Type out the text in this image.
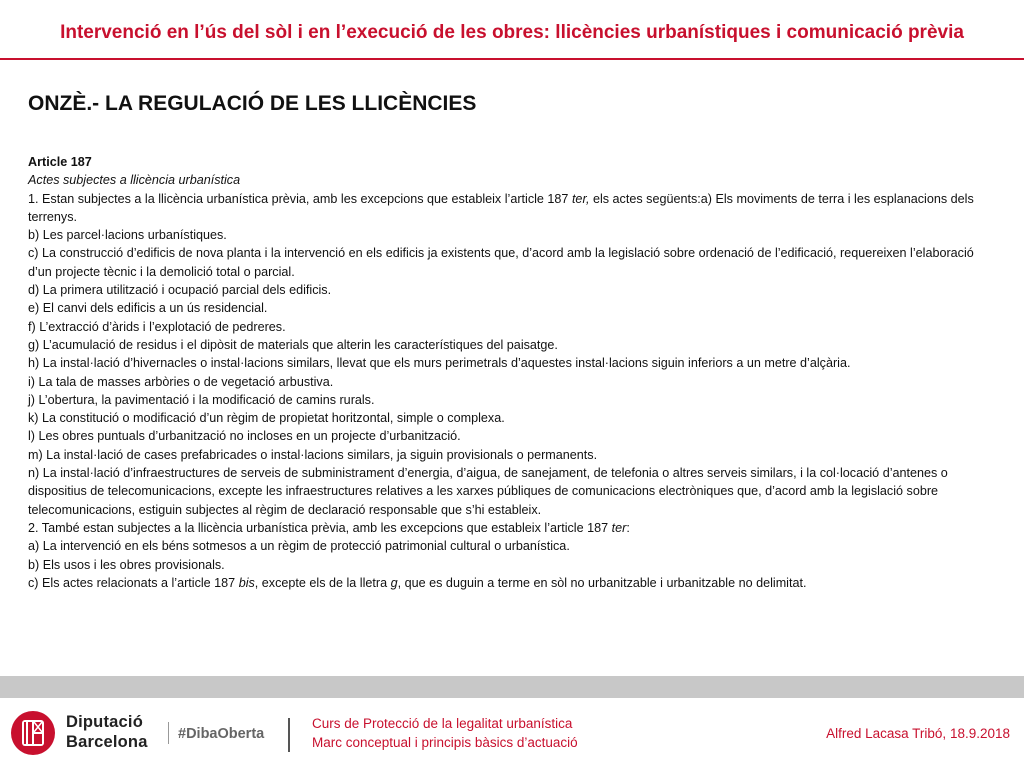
Intervenció en l’ús del sòl i en l’execució de les obres: llicències urbanístiques i comunicació prèvia
ONZÈ.- LA REGULACIÓ DE LES LLICÈNCIES

Article 187

Actes subjectes a llicència urbanística

1. Estan subjectes a la llicència urbanística prèvia, amb les excepcions que estableix l’article 187 ter, els actes següents:a) Els moviments de terra i les esplanacions dels terrenys.

b) Les parcel·lacions urbanístiques.

c) La construcció d’edificis de nova planta i la intervenció en els edificis ja existents que, d’acord amb la legislació sobre ordenació de l’edificació, requereixen l’elaboració d’un projecte tècnic i la demolició total o parcial.

d) La primera utilització i ocupació parcial dels edificis.

e) El canvi dels edificis a un ús residencial.

f) L’extracció d’àrids i l’explotació de pedreres.

g) L’acumulació de residus i el dipòsit de materials que alterin les característiques del paisatge.

h) La instal·lació d’hivernacles o instal·lacions similars, llevat que els murs perimetrals d’aquestes instal·lacions siguin inferiors a un metre d’alçària.

i) La tala de masses arbòries o de vegetació arbustiva.

j) L’obertura, la pavimentació i la modificació de camins rurals.

k) La constitució o modificació d’un règim de propietat horitzontal, simple o complexa.

l) Les obres puntuals d’urbanització no incloses en un projecte d’urbanització.

m) La instal·lació de cases prefabricades o instal·lacions similars, ja siguin provisionals o permanents.

n) La instal·lació d’infraestructures de serveis de subministrament d’energia, d’aigua, de sanejament, de telefonia o altres serveis similars, i la col·locació d’antenes o dispositius de telecomunicacions, excepte les infraestructures relatives a les xarxes públiques de comunicacions electròniques que, d’acord amb la legislació sobre telecomunicacions, estiguin subjectes al règim de declaració responsable que s’hi estableix.

2. També estan subjectes a la llicència urbanística prèvia, amb les excepcions que estableix l’article 187 ter:

a) La intervenció en els béns sotmesos a un règim de protecció patrimonial cultural o urbanística.

b) Els usos i les obres provisionals.

c) Els actes relacionats a l’article 187 bis, excepte els de la lletra g, que es duguin a terme en sòl no urbanitzable i urbanitzable no delimitat.

Diputació
Barcelona #DibaOberta
Curs de Protecció de la legalitat urbanística
Marc conceptual i principis bàsics d’actuació
Alfred Lacasa Tribó, 18.9.2018
